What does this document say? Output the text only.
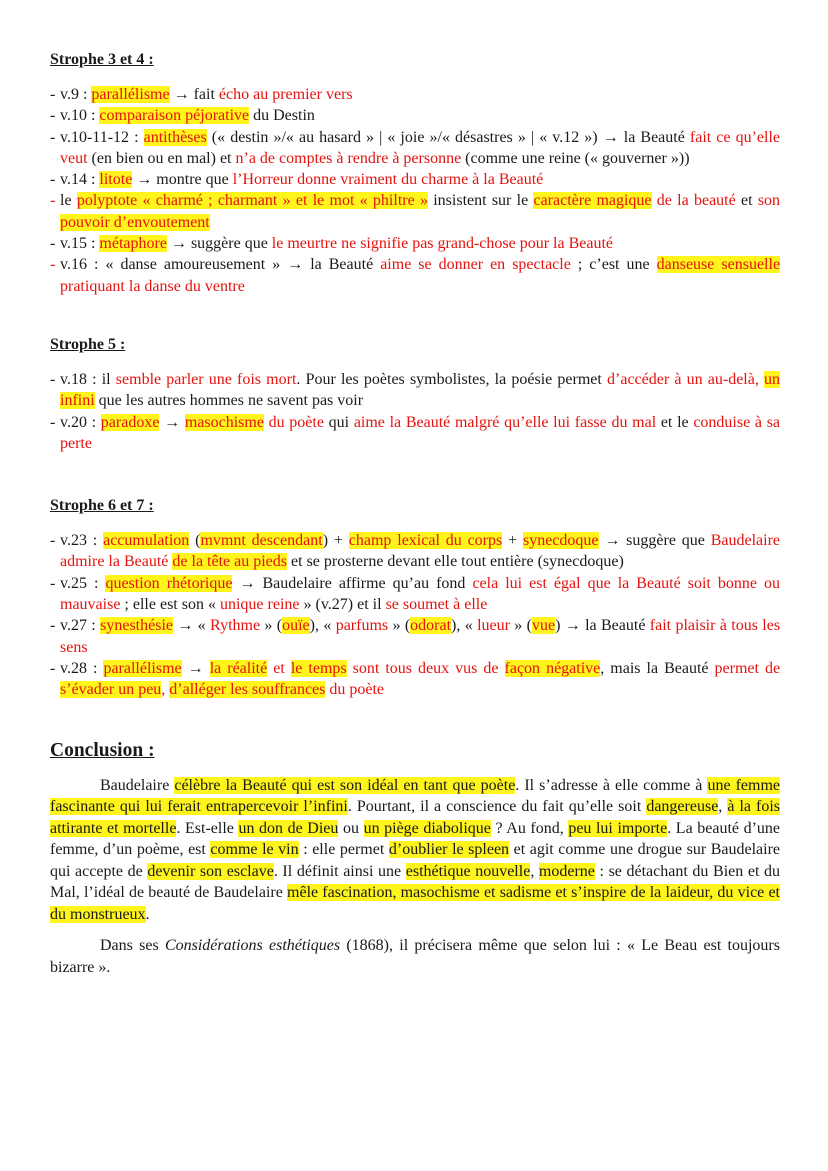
Strophe 3 et 4 :
- v.9 : parallélisme → fait écho au premier vers
- v.10 : comparaison péjorative du Destin
- v.10-11-12 : antithèses (« destin »/« au hasard » | « joie »/« désastres » | « v.12 ») → la Beauté fait ce qu’elle veut (en bien ou en mal) et n’a de comptes à rendre à personne (comme une reine (« gouverner »))
- v.14 : litote → montre que l’Horreur donne vraiment du charme à la Beauté
- le polyptote « charmé ; charmant » et le mot « philtre » insistent sur le caractère magique de la beauté et son pouvoir d’envoutement
- v.15 : métaphore → suggère que le meurtre ne signifie pas grand-chose pour la Beauté
- v.16 : « danse amoureusement » → la Beauté aime se donner en spectacle ; c’est une danseuse sensuelle pratiquant la danse du ventre
Strophe 5 :
- v.18 : il semble parler une fois mort. Pour les poètes symbolistes, la poésie permet d’accéder à un au-delà, un infini que les autres hommes ne savent pas voir
- v.20 : paradoxe → masochisme du poète qui aime la Beauté malgré qu’elle lui fasse du mal et le conduise à sa perte
Strophe 6 et 7 :
- v.23 : accumulation (mvmnt descendant) + champ lexical du corps + synecdoque → suggère que Baudelaire admire la Beauté de la tête au pieds et se prosterne devant elle tout entière (synecdoque)
- v.25 : question rhétorique → Baudelaire affirme qu’au fond cela lui est égal que la Beauté soit bonne ou mauvaise ; elle est son « unique reine » (v.27) et il se soumet à elle
- v.27 : synesthésie → « Rythme » (ouïe), « parfums » (odorat), « lueur » (vue) → la Beauté fait plaisir à tous les sens
- v.28 : parallélisme → la réalité et le temps sont tous deux vus de façon négative, mais la Beauté permet de s’évader un peu, d’alléger les souffrances du poète
Conclusion :

Baudelaire célèbre la Beauté qui est son idéal en tant que poète. Il s’adresse à elle comme à une femme fascinante qui lui ferait entrapercevoir l’infini. Pourtant, il a conscience du fait qu’elle soit dangereuse, à la fois attirante et mortelle. Est-elle un don de Dieu ou un piège diabolique ? Au fond, peu lui importe. La beauté d’une femme, d’un poème, est comme le vin : elle permet d’oublier le spleen et agit comme une drogue sur Baudelaire qui accepte de devenir son esclave. Il définit ainsi une esthétique nouvelle, moderne : se détachant du Bien et du Mal, l’idéal de beauté de Baudelaire mêle fascination, masochisme et sadisme et s’inspire de la laideur, du vice et du monstrueux.

Dans ses Considérations esthétiques (1868), il précisera même que selon lui : « Le Beau est toujours bizarre ».
